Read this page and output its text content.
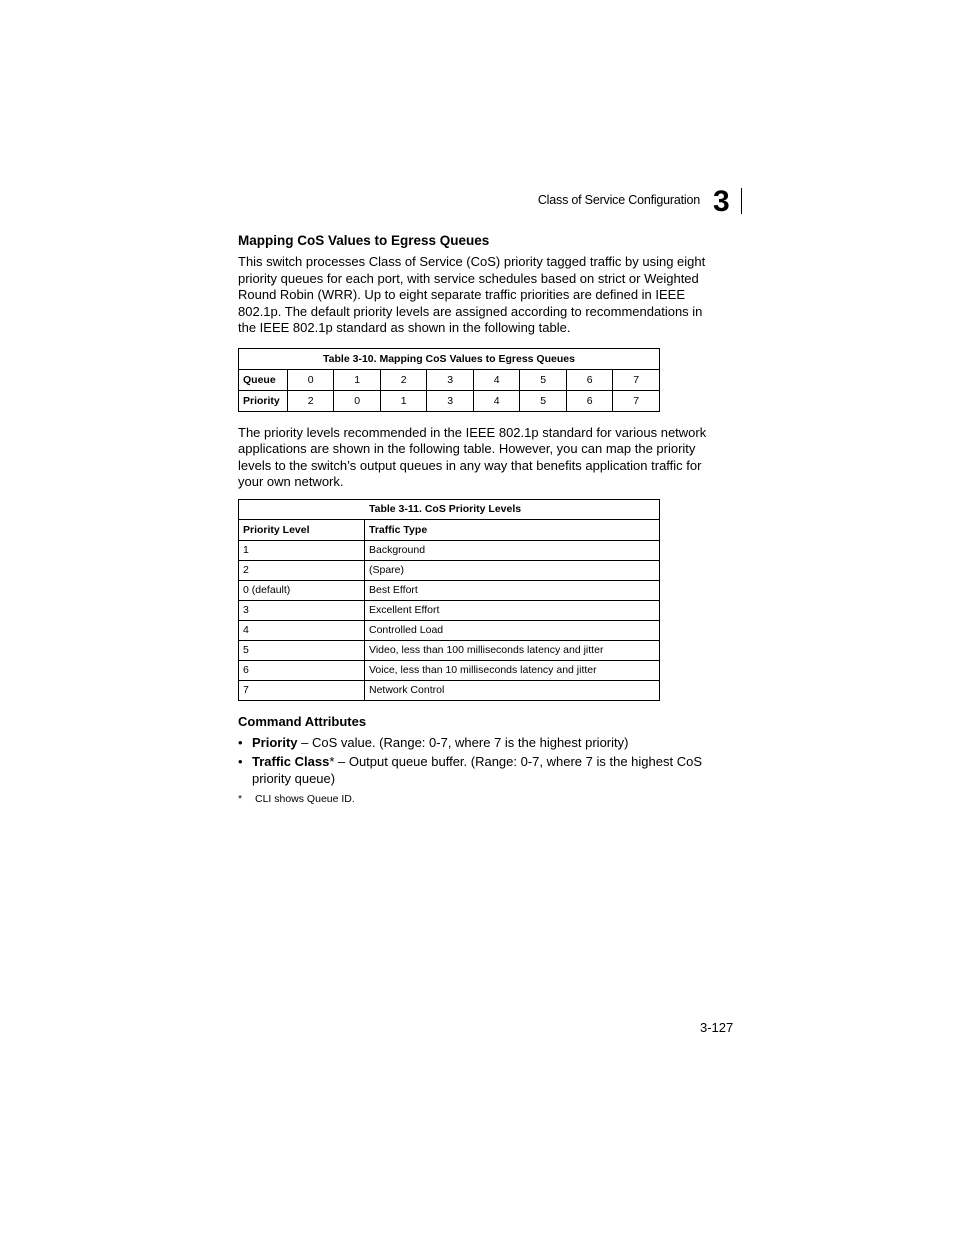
Class of Service Configuration 3
Mapping CoS Values to Egress Queues

This switch processes Class of Service (CoS) priority tagged traffic by using eight priority queues for each port, with service schedules based on strict or Weighted Round Robin (WRR). Up to eight separate traffic priorities are defined in IEEE 802.1p. The default priority levels are assigned according to recommendations in the IEEE 802.1p standard as shown in the following table.

Table 3-10. Mapping CoS Values to Egress Queues								
Queue	0	1	2	3	4	5	6	7
Priority	2	0	1	3	4	5	6	7

The priority levels recommended in the IEEE 802.1p standard for various network applications are shown in the following table. However, you can map the priority levels to the switch’s output queues in any way that benefits application traffic for your own network.

Table 3-11. CoS Priority Levels	
Priority Level	Traffic Type
1	Background
2	(Spare)
0 (default)	Best Effort
3	Excellent Effort
4	Controlled Load
5	Video, less than 100 milliseconds latency and jitter
6	Voice, less than 10 milliseconds latency and jitter
7	Network Control
Command Attributes
• Priority – CoS value. (Range: 0-7, where 7 is the highest priority)
• Traffic Class* – Output queue buffer. (Range: 0-7, where 7 is the highest CoS priority queue)
* CLI shows Queue ID.
3-127
